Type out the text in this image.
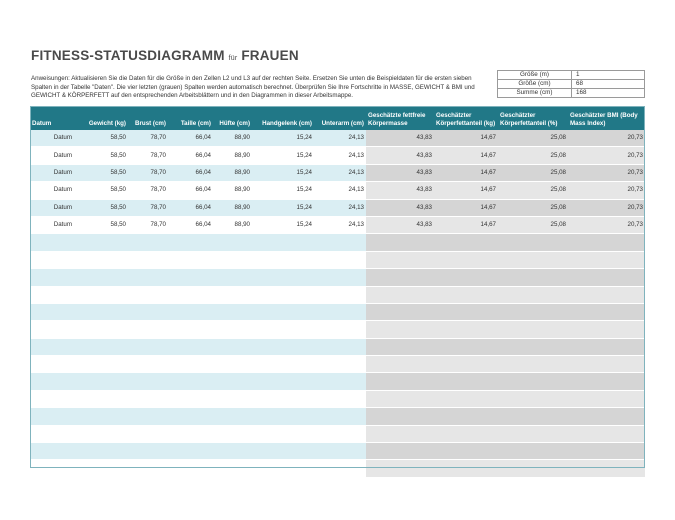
FITNESS-STATUSDIAGRAMM für FRAUEN
Anweisungen: Aktualisieren Sie die Daten für die Größe in den Zellen L2 und L3 auf der rechten Seite. Ersetzen Sie unten die Beispieldaten für die ersten sieben Spalten in der Tabelle "Daten". Die vier letzten (grauen) Spalten werden automatisch berechnet. Überprüfen Sie Ihre Fortschritte in MASSE, GEWICHT & BMI und GEWICHT & KÖRPERFETT auf den entsprechenden Arbeitsblättern und in den Diagrammen in dieser Arbeitsmappe.
Größe (m)	1
Größe (cm)	68
Summe (cm)	168
Datum	Gewicht (kg)	Brust (cm)	Taille (cm)	Hüfte (cm)	Handgelenk (cm)	Unterarm (cm)	Geschätzte fettfreie Körpermasse	Geschätzter Körperfettanteil (kg)	Geschätzter Körperfettanteil (%)	Geschätzter BMI (Body Mass Index)
Datum	58,50	78,70	66,04	88,90	15,24	24,13	43,83	14,67	25,08	20,73
Datum	58,50	78,70	66,04	88,90	15,24	24,13	43,83	14,67	25,08	20,73
Datum	58,50	78,70	66,04	88,90	15,24	24,13	43,83	14,67	25,08	20,73
Datum	58,50	78,70	66,04	88,90	15,24	24,13	43,83	14,67	25,08	20,73
Datum	58,50	78,70	66,04	88,90	15,24	24,13	43,83	14,67	25,08	20,73
Datum	58,50	78,70	66,04	88,90	15,24	24,13	43,83	14,67	25,08	20,73
